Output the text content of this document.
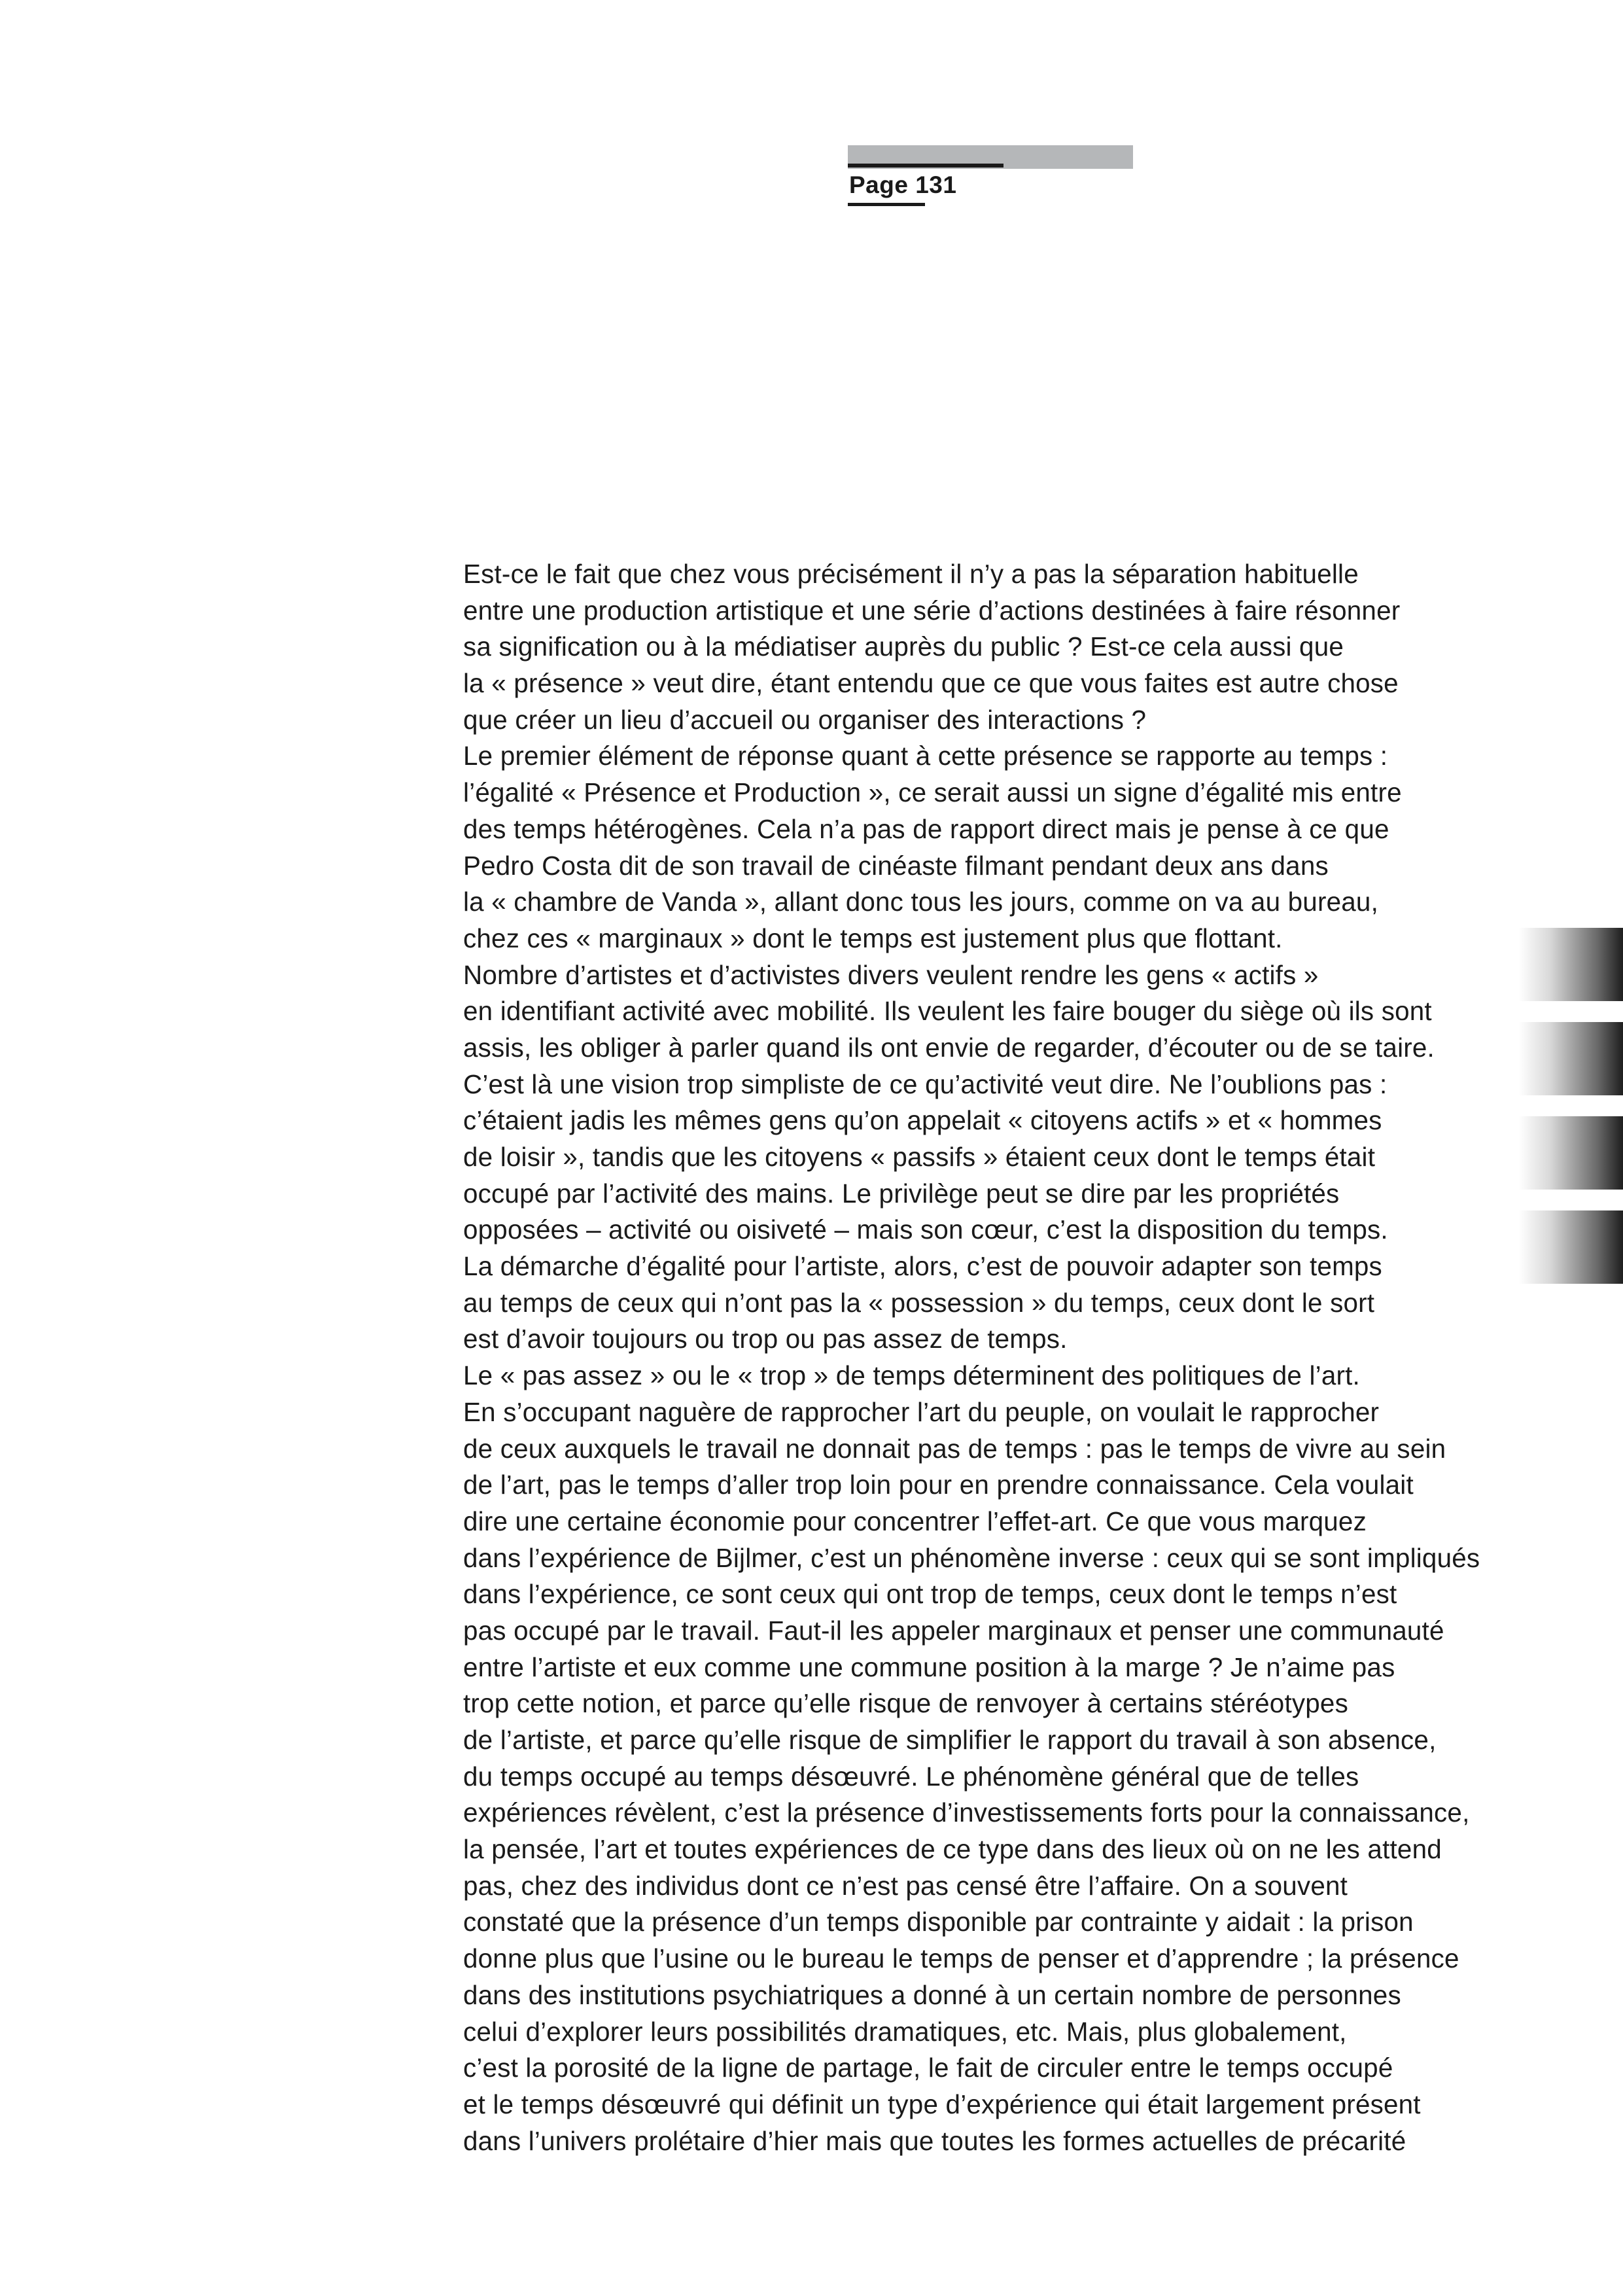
Page 131
Est-ce le fait que chez vous précisément il n’y a pas la séparation habituelle
entre une production artistique et une série d’actions destinées à faire résonner
sa signification ou à la médiatiser auprès du public ? Est-ce cela aussi que
la « présence » veut dire, étant entendu que ce que vous faites est autre chose
que créer un lieu d’accueil ou organiser des interactions ?
Le premier élément de réponse quant à cette présence se rapporte au temps :
l’égalité « Présence et Production », ce serait aussi un signe d’égalité mis entre
des temps hétérogènes. Cela n’a pas de rapport direct mais je pense à ce que
Pedro Costa dit de son travail de cinéaste filmant pendant deux ans dans
la « chambre de Vanda », allant donc tous les jours, comme on va au bureau,
chez ces « marginaux » dont le temps est justement plus que flottant.
Nombre d’artistes et d’activistes divers veulent rendre les gens « actifs »
en identifiant activité avec mobilité. Ils veulent les faire bouger du siège où ils sont
assis, les obliger à parler quand ils ont envie de regarder, d’écouter ou de se taire.
C’est là une vision trop simpliste de ce qu’activité veut dire. Ne l’oublions pas :
c’étaient jadis les mêmes gens qu’on appelait « citoyens actifs » et « hommes
de loisir », tandis que les citoyens « passifs » étaient ceux dont le temps était
occupé par l’activité des mains. Le privilège peut se dire par les propriétés
opposées – activité ou oisiveté – mais son cœur, c’est la disposition du temps.
La démarche d’égalité pour l’artiste, alors, c’est de pouvoir adapter son temps
au temps de ceux qui n’ont pas la « possession » du temps, ceux dont le sort
est d’avoir toujours ou trop ou pas assez de temps.
Le « pas assez » ou le « trop » de temps déterminent des politiques de l’art.
En s’occupant naguère de rapprocher l’art du peuple, on voulait le rapprocher
de ceux auxquels le travail ne donnait pas de temps : pas le temps de vivre au sein
de l’art, pas le temps d’aller trop loin pour en prendre connaissance. Cela voulait
dire une certaine économie pour concentrer l’effet-art. Ce que vous marquez
dans l’expérience de Bijlmer, c’est un phénomène inverse : ceux qui se sont impliqués
dans l’expérience, ce sont ceux qui ont trop de temps, ceux dont le temps n’est
pas occupé par le travail. Faut-il les appeler marginaux et penser une communauté
entre l’artiste et eux comme une commune position à la marge ? Je n’aime pas
trop cette notion, et parce qu’elle risque de renvoyer à certains stéréotypes
de l’artiste, et parce qu’elle risque de simplifier le rapport du travail à son absence,
du temps occupé au temps désœuvré. Le phénomène général que de telles
expériences révèlent, c’est la présence d’investissements forts pour la connaissance,
la pensée, l’art et toutes expériences de ce type dans des lieux où on ne les attend
pas, chez des individus dont ce n’est pas censé être l’affaire. On a souvent
constaté que la présence d’un temps disponible par contrainte y aidait : la prison
donne plus que l’usine ou le bureau le temps de penser et d’apprendre ; la présence
dans des institutions psychiatriques a donné à un certain nombre de personnes
celui d’explorer leurs possibilités dramatiques, etc. Mais, plus globalement,
c’est la porosité de la ligne de partage, le fait de circuler entre le temps occupé
et le temps désœuvré qui définit un type d’expérience qui était largement présent
dans l’univers prolétaire d’hier mais que toutes les formes actuelles de précarité
